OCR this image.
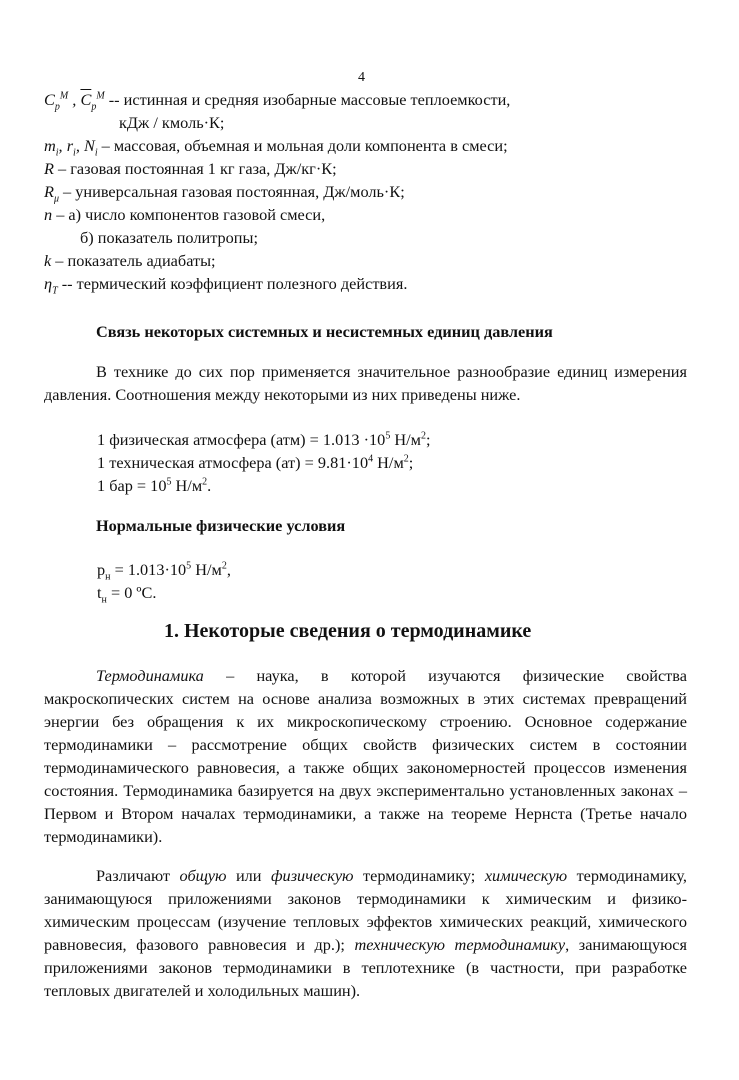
4
$C_p^M$ , $\overline{C}_p^M$ -- истинная и средняя изобарные массовые теплоемкости,
кДж / кмоль·К;
$m_i$, $r_i$, $N_i$ – массовая, объемная и мольная доли компонента в смеси;
R – газовая постоянная 1 кг газа, Дж/кг·К;
$R_\mu$ – универсальная газовая постоянная, Дж/моль·К;
n – а) число компонентов газовой смеси,
б) показатель политропы;
k – показатель адиабаты;
$\eta_T$ -- термический коэффициент полезного действия.
Связь некоторых системных и несистемных единиц давления
В технике до сих пор применяется значительное разнообразие единиц измерения давления. Соотношения между некоторыми из них приведены ниже.
1 физическая атмосфера $(атм) = 1.013 \cdot 10^5$ $Н/м^2$;
1 техническая атмосфера $(ат) = 9.81\cdot 10^4$ $Н/м^2$;
1 бар = $10^5$ $Н/м^2$.
Нормальные физические условия
$р_н = 1.013\cdot 10^5$ $Н/м^2$,
$t_н = 0$ ºС.
1. Некоторые сведения о термодинамике
Термодинамика – наука, в которой изучаются физические свойства макроскопических систем на основе анализа возможных в этих системах превращений энергии без обращения к их микроскопическому строению. Основное содержание термодинамики – рассмотрение общих свойств физических систем в состоянии термодинамического равновесия, а также общих закономерностей процессов изменения состояния. Термодинамика базируется на двух экспериментально установленных законах – Первом и Втором началах термодинамики, а также на теореме Нернста (Третье начало термодинамики).
Различают общую или физическую термодинамику; химическую термодинамику, занимающуюся приложениями законов термодинамики к химическим и физико-химическим процессам (изучение тепловых эффектов химических реакций, химического равновесия, фазового равновесия и др.); техническую термодинамику, занимающуюся приложениями законов термодинамики в теплотехнике (в частности, при разработке тепловых двигателей и холодильных машин).
